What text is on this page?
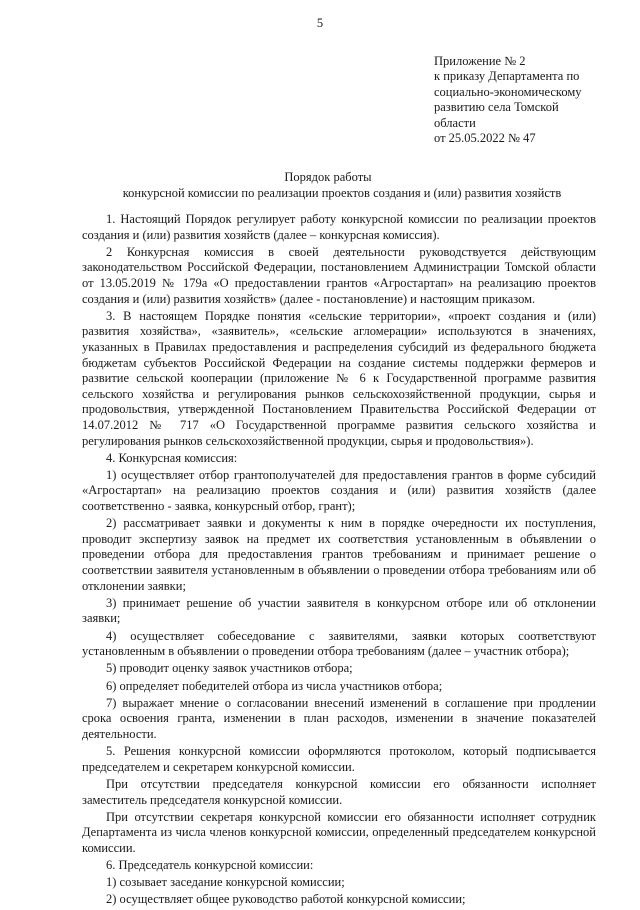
5
Приложение № 2
к приказу Департамента по
социально-экономическому
развитию села Томской
области
от 25.05.2022 № 47
Порядок работы
конкурсной комиссии по реализации проектов создания и (или) развития хозяйств

1. Настоящий Порядок регулирует работу конкурсной комиссии по реализации проектов создания и (или) развития хозяйств (далее – конкурсная комиссия).

2 Конкурсная комиссия в своей деятельности руководствуется действующим законодательством Российской Федерации, постановлением Администрации Томской области от 13.05.2019 № 179а «О предоставлении грантов «Агростартап» на реализацию проектов создания и (или) развития хозяйств» (далее - постановление) и настоящим приказом.

3. В настоящем Порядке понятия «сельские территории», «проект создания и (или) развития хозяйства», «заявитель», «сельские агломерации» используются в значениях, указанных в Правилах предоставления и распределения субсидий из федерального бюджета бюджетам субъектов Российской Федерации на создание системы поддержки фермеров и развитие сельской кооперации (приложение № 6 к Государственной программе развития сельского хозяйства и регулирования рынков сельскохозяйственной продукции, сырья и продовольствия, утвержденной Постановлением Правительства Российской Федерации от 14.07.2012 № 717 «О Государственной программе развития сельского хозяйства и регулирования рынков сельскохозяйственной продукции, сырья и продовольствия»).

4. Конкурсная комиссия:

1) осуществляет отбор грантополучателей для предоставления грантов в форме субсидий «Агростартап» на реализацию проектов создания и (или) развития хозяйств (далее соответственно - заявка, конкурсный отбор, грант);

2) рассматривает заявки и документы к ним в порядке очередности их поступления, проводит экспертизу заявок на предмет их соответствия установленным в объявлении о проведении отбора для предоставления грантов требованиям и принимает решение о соответствии заявителя установленным в объявлении о проведении отбора требованиям или об отклонении заявки;

3) принимает решение об участии заявителя в конкурсном отборе или об отклонении заявки;

4) осуществляет собеседование с заявителями, заявки которых соответствуют установленным в объявлении о проведении отбора требованиям (далее – участник отбора);

5) проводит оценку заявок участников отбора;

6) определяет победителей отбора из числа участников отбора;

7) выражает мнение о согласовании внесений изменений в соглашение при продлении срока освоения гранта, изменении в план расходов, изменении в значение показателей деятельности.

5. Решения конкурсной комиссии оформляются протоколом, который подписывается председателем и секретарем конкурсной комиссии.

При отсутствии председателя конкурсной комиссии его обязанности исполняет заместитель председателя конкурсной комиссии.

При отсутствии секретаря конкурсной комиссии его обязанности исполняет сотрудник Департамента из числа членов конкурсной комиссии, определенный председателем конкурсной комиссии.

6. Председатель конкурсной комиссии:

1) созывает заседание конкурсной комиссии;

2) осуществляет общее руководство работой конкурсной комиссии;
